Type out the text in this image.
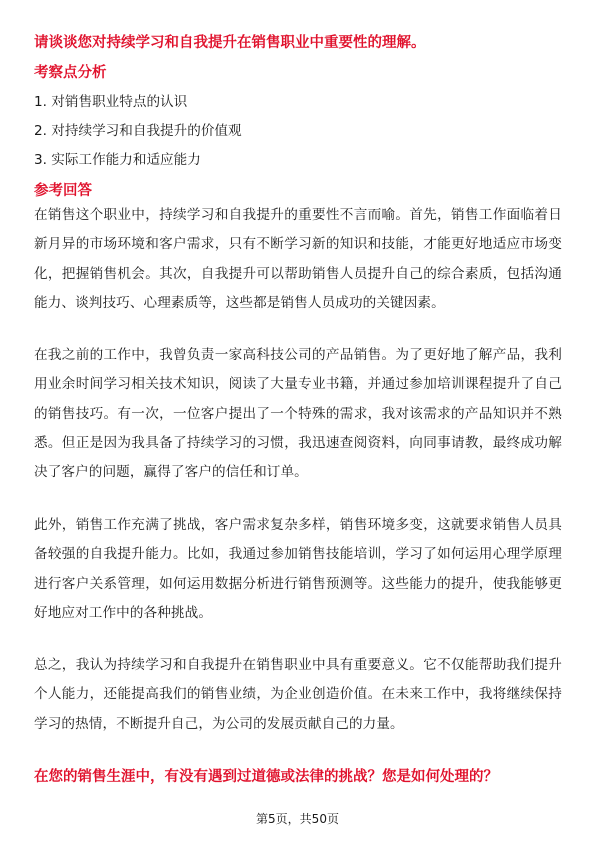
请谈谈您对持续学习和自我提升在销售职业中重要性的理解。
考察点分析
1. 对销售职业特点的认识
2. 对持续学习和自我提升的价值观
3. 实际工作能力和适应能力
参考回答
在销售这个职业中，持续学习和自我提升的重要性不言而喻。首先，销售工作面临着日新月异的市场环境和客户需求，只有不断学习新的知识和技能，才能更好地适应市场变化，把握销售机会。其次，自我提升可以帮助销售人员提升自己的综合素质，包括沟通能力、谈判技巧、心理素质等，这些都是销售人员成功的关键因素。
在我之前的工作中，我曾负责一家高科技公司的产品销售。为了更好地了解产品，我利用业余时间学习相关技术知识，阅读了大量专业书籍，并通过参加培训课程提升了自己的销售技巧。有一次，一位客户提出了一个特殊的需求，我对该需求的产品知识并不熟悉。但正是因为我具备了持续学习的习惯，我迅速查阅资料，向同事请教，最终成功解决了客户的问题，赢得了客户的信任和订单。
此外，销售工作充满了挑战，客户需求复杂多样，销售环境多变，这就要求销售人员具备较强的自我提升能力。比如，我通过参加销售技能培训，学习了如何运用心理学原理进行客户关系管理，如何运用数据分析进行销售预测等。这些能力的提升，使我能够更好地应对工作中的各种挑战。
总之，我认为持续学习和自我提升在销售职业中具有重要意义。它不仅能帮助我们提升个人能力，还能提高我们的销售业绩，为企业创造价值。在未来工作中，我将继续保持学习的热情，不断提升自己，为公司的发展贡献自己的力量。
在您的销售生涯中，有没有遇到过道德或法律的挑战？您是如何处理的？
第5页，共50页
